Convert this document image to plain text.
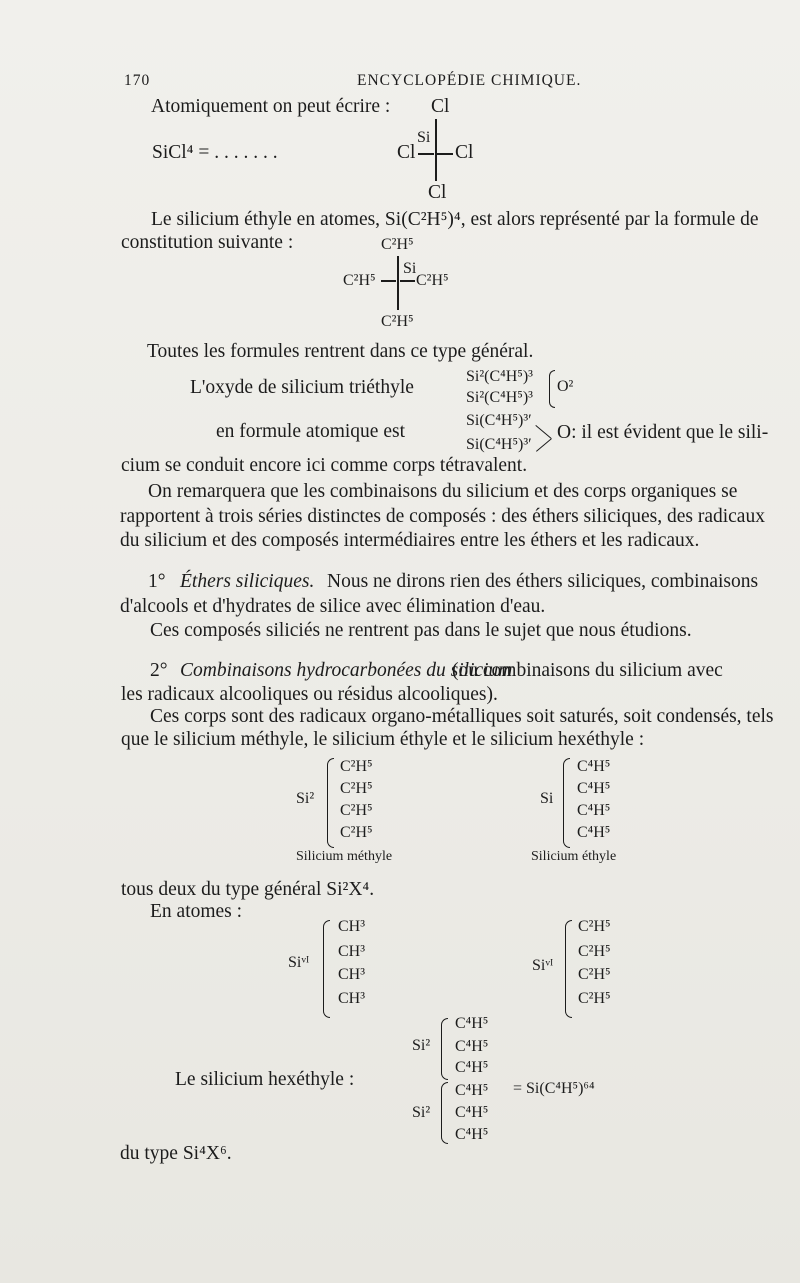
170	ENCYCLOPÉDIE CHIMIQUE.
Atomiquement on peut écrire : Cl
SiCl⁴ = . . . . . . .	Cl
Si
Cl
Cl
Le silicium éthyle en atomes, Si(C²H⁵)⁴, est alors représenté par la formule de
constitution suivante :	C²H⁵
Si
C²H⁵	C²H⁵
C²H⁵
Toutes les formules rentrent dans ce type général.
L'oxyde de silicium triéthyle
Si²(C⁴H⁵)³
Si²(C⁴H⁵)³
O²
en formule atomique est
Si(C⁴H⁵)³′
Si(C⁴H⁵)³′
O: il est évident que le sili-
cium se conduit encore ici comme corps tétravalent.
On remarquera que les combinaisons du silicium et des corps organiques se
rapportent à trois séries distinctes de composés : des éthers siliciques, des radicaux
du silicium et des composés intermédiaires entre les éthers et les radicaux.
1° Éthers siliciques. Nous ne dirons rien des éthers siliciques, combinaisons
d'alcools et d'hydrates de silice avec élimination d'eau.
Ces composés siliciés ne rentrent pas dans le sujet que nous étudions.
2° Combinaisons hydrocarbonées du silicium
(ou combinaisons du silicium avec
les radicaux alcooliques ou résidus alcooliques).
Ces corps sont des radicaux organo-métalliques soit saturés, soit condensés, tels
que le silicium méthyle, le silicium éthyle et le silicium hexéthyle :
Si²
C²H⁵
C²H⁵
C²H⁵
C²H⁵
Silicium méthyle
Si
C⁴H⁵
C⁴H⁵
C⁴H⁵
C⁴H⁵
Silicium éthyle
tous deux du type général Si²X⁴.
En atomes :
Siᵛᴵ
CH³
CH³
CH³
CH³
Siᵛᴵ
C²H⁵
C²H⁵
C²H⁵
C²H⁵
Si²
C⁴H⁵
C⁴H⁵
C⁴H⁵
Le silicium hexéthyle :	= Si(C⁴H⁵)⁶⁴
Si²
C⁴H⁵
C⁴H⁵
C⁴H⁵
du type Si⁴X⁶.
